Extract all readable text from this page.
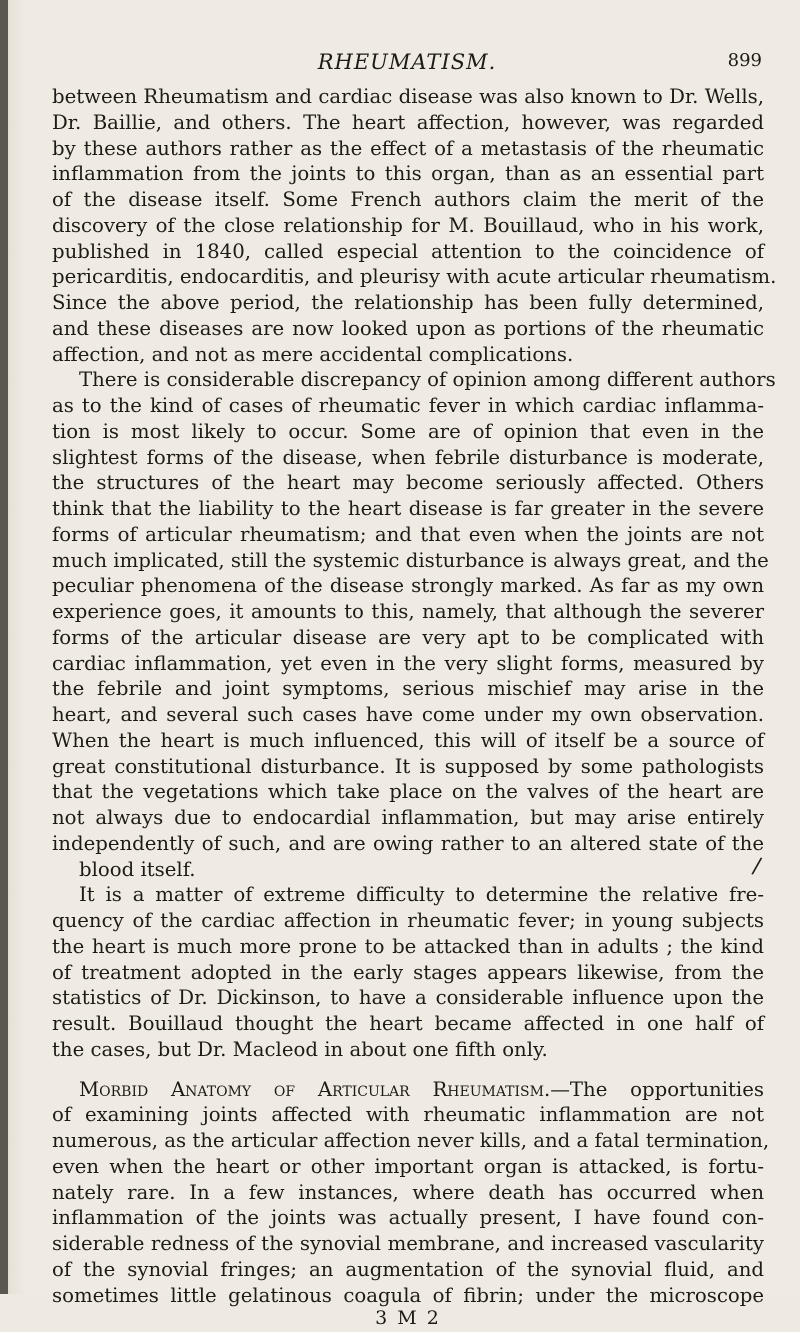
RHEUMATISM.	899
between Rheumatism and cardiac disease was also known to Dr. Wells,
Dr. Baillie, and others. The heart affection, however, was regarded
by these authors rather as the effect of a metastasis of the rheumatic
inflammation from the joints to this organ, than as an essential part
of the disease itself. Some French authors claim the merit of the
discovery of the close relationship for M. Bouillaud, who in his work,
published in 1840, called especial attention to the coincidence of
pericarditis, endocarditis, and pleurisy with acute articular rheumatism.
Since the above period, the relationship has been fully determined,
and these diseases are now looked upon as portions of the rheumatic
affection, and not as mere accidental complications.
There is considerable discrepancy of opinion among different authors
as to the kind of cases of rheumatic fever in which cardiac inflamma-
tion is most likely to occur. Some are of opinion that even in the
slightest forms of the disease, when febrile disturbance is moderate,
the structures of the heart may become seriously affected. Others
think that the liability to the heart disease is far greater in the severe
forms of articular rheumatism; and that even when the joints are not
much implicated, still the systemic disturbance is always great, and the
peculiar phenomena of the disease strongly marked. As far as my own
experience goes, it amounts to this, namely, that although the severer
forms of the articular disease are very apt to be complicated with
cardiac inflammation, yet even in the very slight forms, measured by
the febrile and joint symptoms, serious mischief may arise in the
heart, and several such cases have come under my own observation.
When the heart is much influenced, this will of itself be a source of
great constitutional disturbance. It is supposed by some pathologists
that the vegetations which take place on the valves of the heart are
not always due to endocardial inflammation, but may arise entirely
independently of such, and are owing rather to an altered state of the
blood itself.
It is a matter of extreme difficulty to determine the relative fre-
quency of the cardiac affection in rheumatic fever; in young subjects
the heart is much more prone to be attacked than in adults ; the kind
of treatment adopted in the early stages appears likewise, from the
statistics of Dr. Dickinson, to have a considerable influence upon the
result. Bouillaud thought the heart became affected in one half of
the cases, but Dr. Macleod in about one fifth only.
Morbid Anatomy of Articular Rheumatism.—The opportunities
of examining joints affected with rheumatic inflammation are not
numerous, as the articular affection never kills, and a fatal termination,
even when the heart or other important organ is attacked, is fortu-
nately rare. In a few instances, where death has occurred when
inflammation of the joints was actually present, I have found con-
siderable redness of the synovial membrane, and increased vascularity
of the synovial fringes; an augmentation of the synovial fluid, and
sometimes little gelatinous coagula of fibrin; under the microscope
3 M 2
/
